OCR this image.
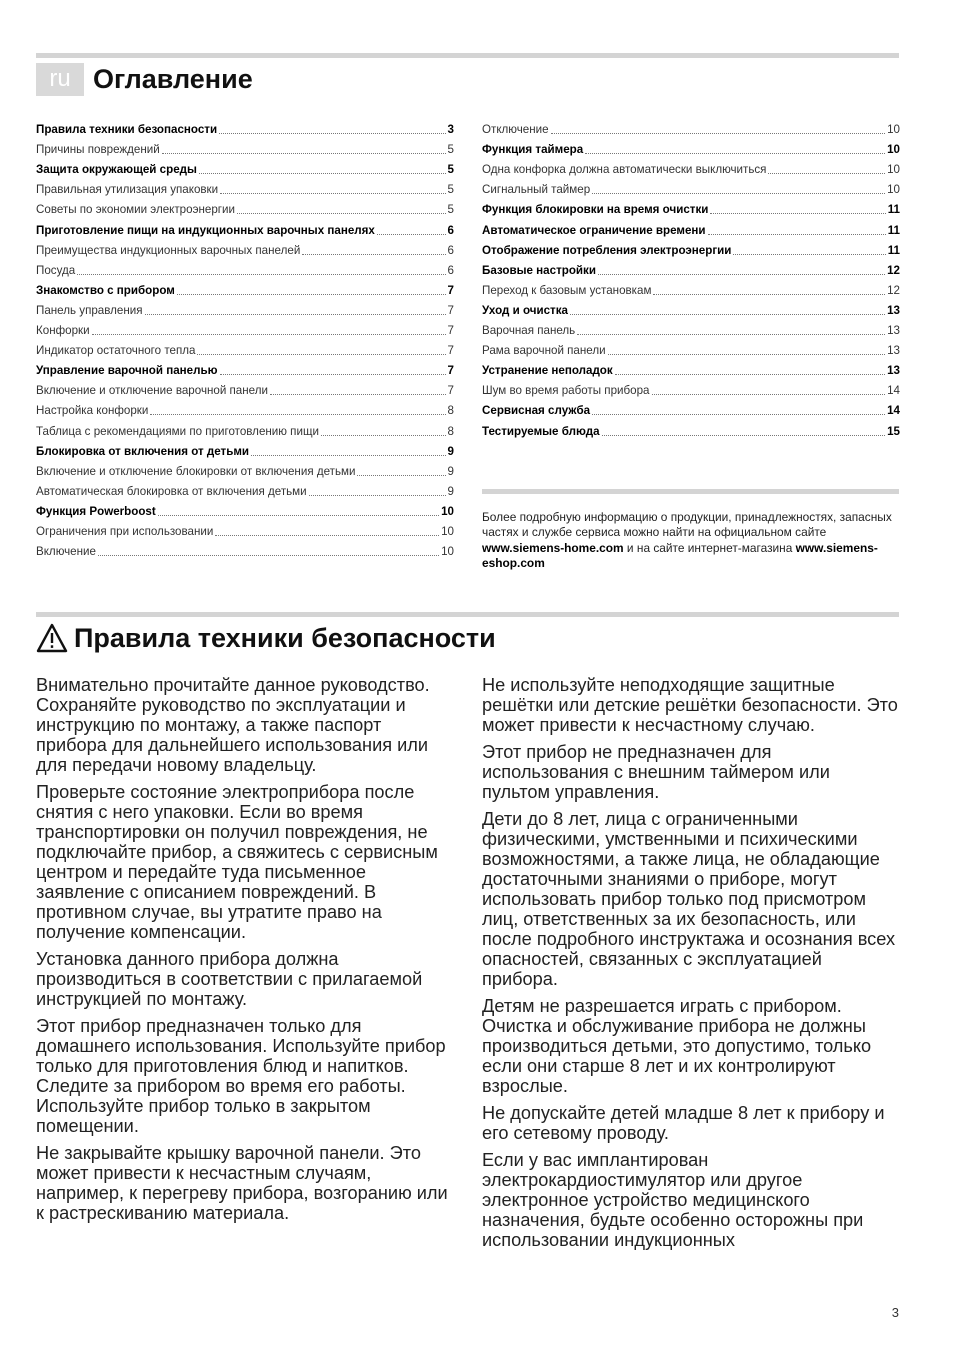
ru Оглавление
Правила техники безопасности	3
Причины повреждений	5
Защита окружающей среды	5
Правильная утилизация упаковки	5
Советы по экономии электроэнергии	5
Приготовление пищи на индукционных варочных панелях	6
Преимущества индукционных варочных панелей	6
Посуда	6
Знакомство с прибором	7
Панель управления	7
Конфорки	7
Индикатор остаточного тепла	7
Управление варочной панелью	7
Включение и отключение варочной панели	7
Настройка конфорки	8
Таблица с рекомендациями по приготовлению пищи	8
Блокировка от включения от детьми	9
Включение и отключение блокировки от включения детьми	9
Автоматическая блокировка от включения детьми	9
Функция Powerboost	10
Ограничения при использовании	10
Включение	10
Отключение	10
Функция таймера	10
Одна конфорка должна автоматически выключиться	10
Сигнальный таймер	10
Функция блокировки на время очистки	11
Автоматическое ограничение времени	11
Отображение потребления электроэнергии	11
Базовые настройки	12
Переход к базовым установкам	12
Уход и очистка	13
Варочная панель	13
Рама варочной панели	13
Устранение неполадок	13
Шум во время работы прибора	14
Сервисная служба	14
Тестируемые блюда	15
Более подробную информацию о продукции, принадлежностях, запасных частях и службе сервиса можно найти на официальном сайте www.siemens-home.com и на сайте интернет-магазина www.siemens-eshop.com
Правила техники безопасности

Внимательно прочитайте данное руководство. Сохраняйте руководство по эксплуатации и инструкцию по монтажу, а также паспорт прибора для дальнейшего использования или для передачи новому владельцу.

Проверьте состояние электроприбора после снятия с него упаковки. Если во время транспортировки он получил повреждения, не подключайте прибор, а свяжитесь с сервисным центром и передайте туда письменное заявление с описанием повреждений. В противном случае, вы утратите право на получение компенсации.

Установка данного прибора должна производиться в соответствии с прилагаемой инструкцией по монтажу.

Этот прибор предназначен только для домашнего использования. Используйте прибор только для приготовления блюд и напитков. Следите за прибором во время его работы. Используйте прибор только в закрытом помещении.

Не закрывайте крышку варочной панели. Это может привести к несчастным случаям, например, к перегреву прибора, возгоранию или к растрескиванию материала.

Не используйте неподходящие защитные решётки или детские решётки безопасности. Это может привести к несчастному случаю.

Этот прибор не предназначен для использования с внешним таймером или пультом управления.

Дети до 8 лет, лица с ограниченными физическими, умственными и психическими возможностями, а также лица, не обладающие достаточными знаниями о приборе, могут использовать прибор только под присмотром лиц, ответственных за их безопасность, или после подробного инструктажа и осознания всех опасностей, связанных с эксплуатацией прибора.

Детям не разрешается играть с прибором. Очистка и обслуживание прибора не должны производиться детьми, это допустимо, только если они старше 8 лет и их контролируют взрослые.

Не допускайте детей младше 8 лет к прибору и его сетевому проводу.

Если у вас имплантирован электрокардиостимулятор или другое электронное устройство медицинского назначения, будьте особенно осторожны при использовании индукционных

3
